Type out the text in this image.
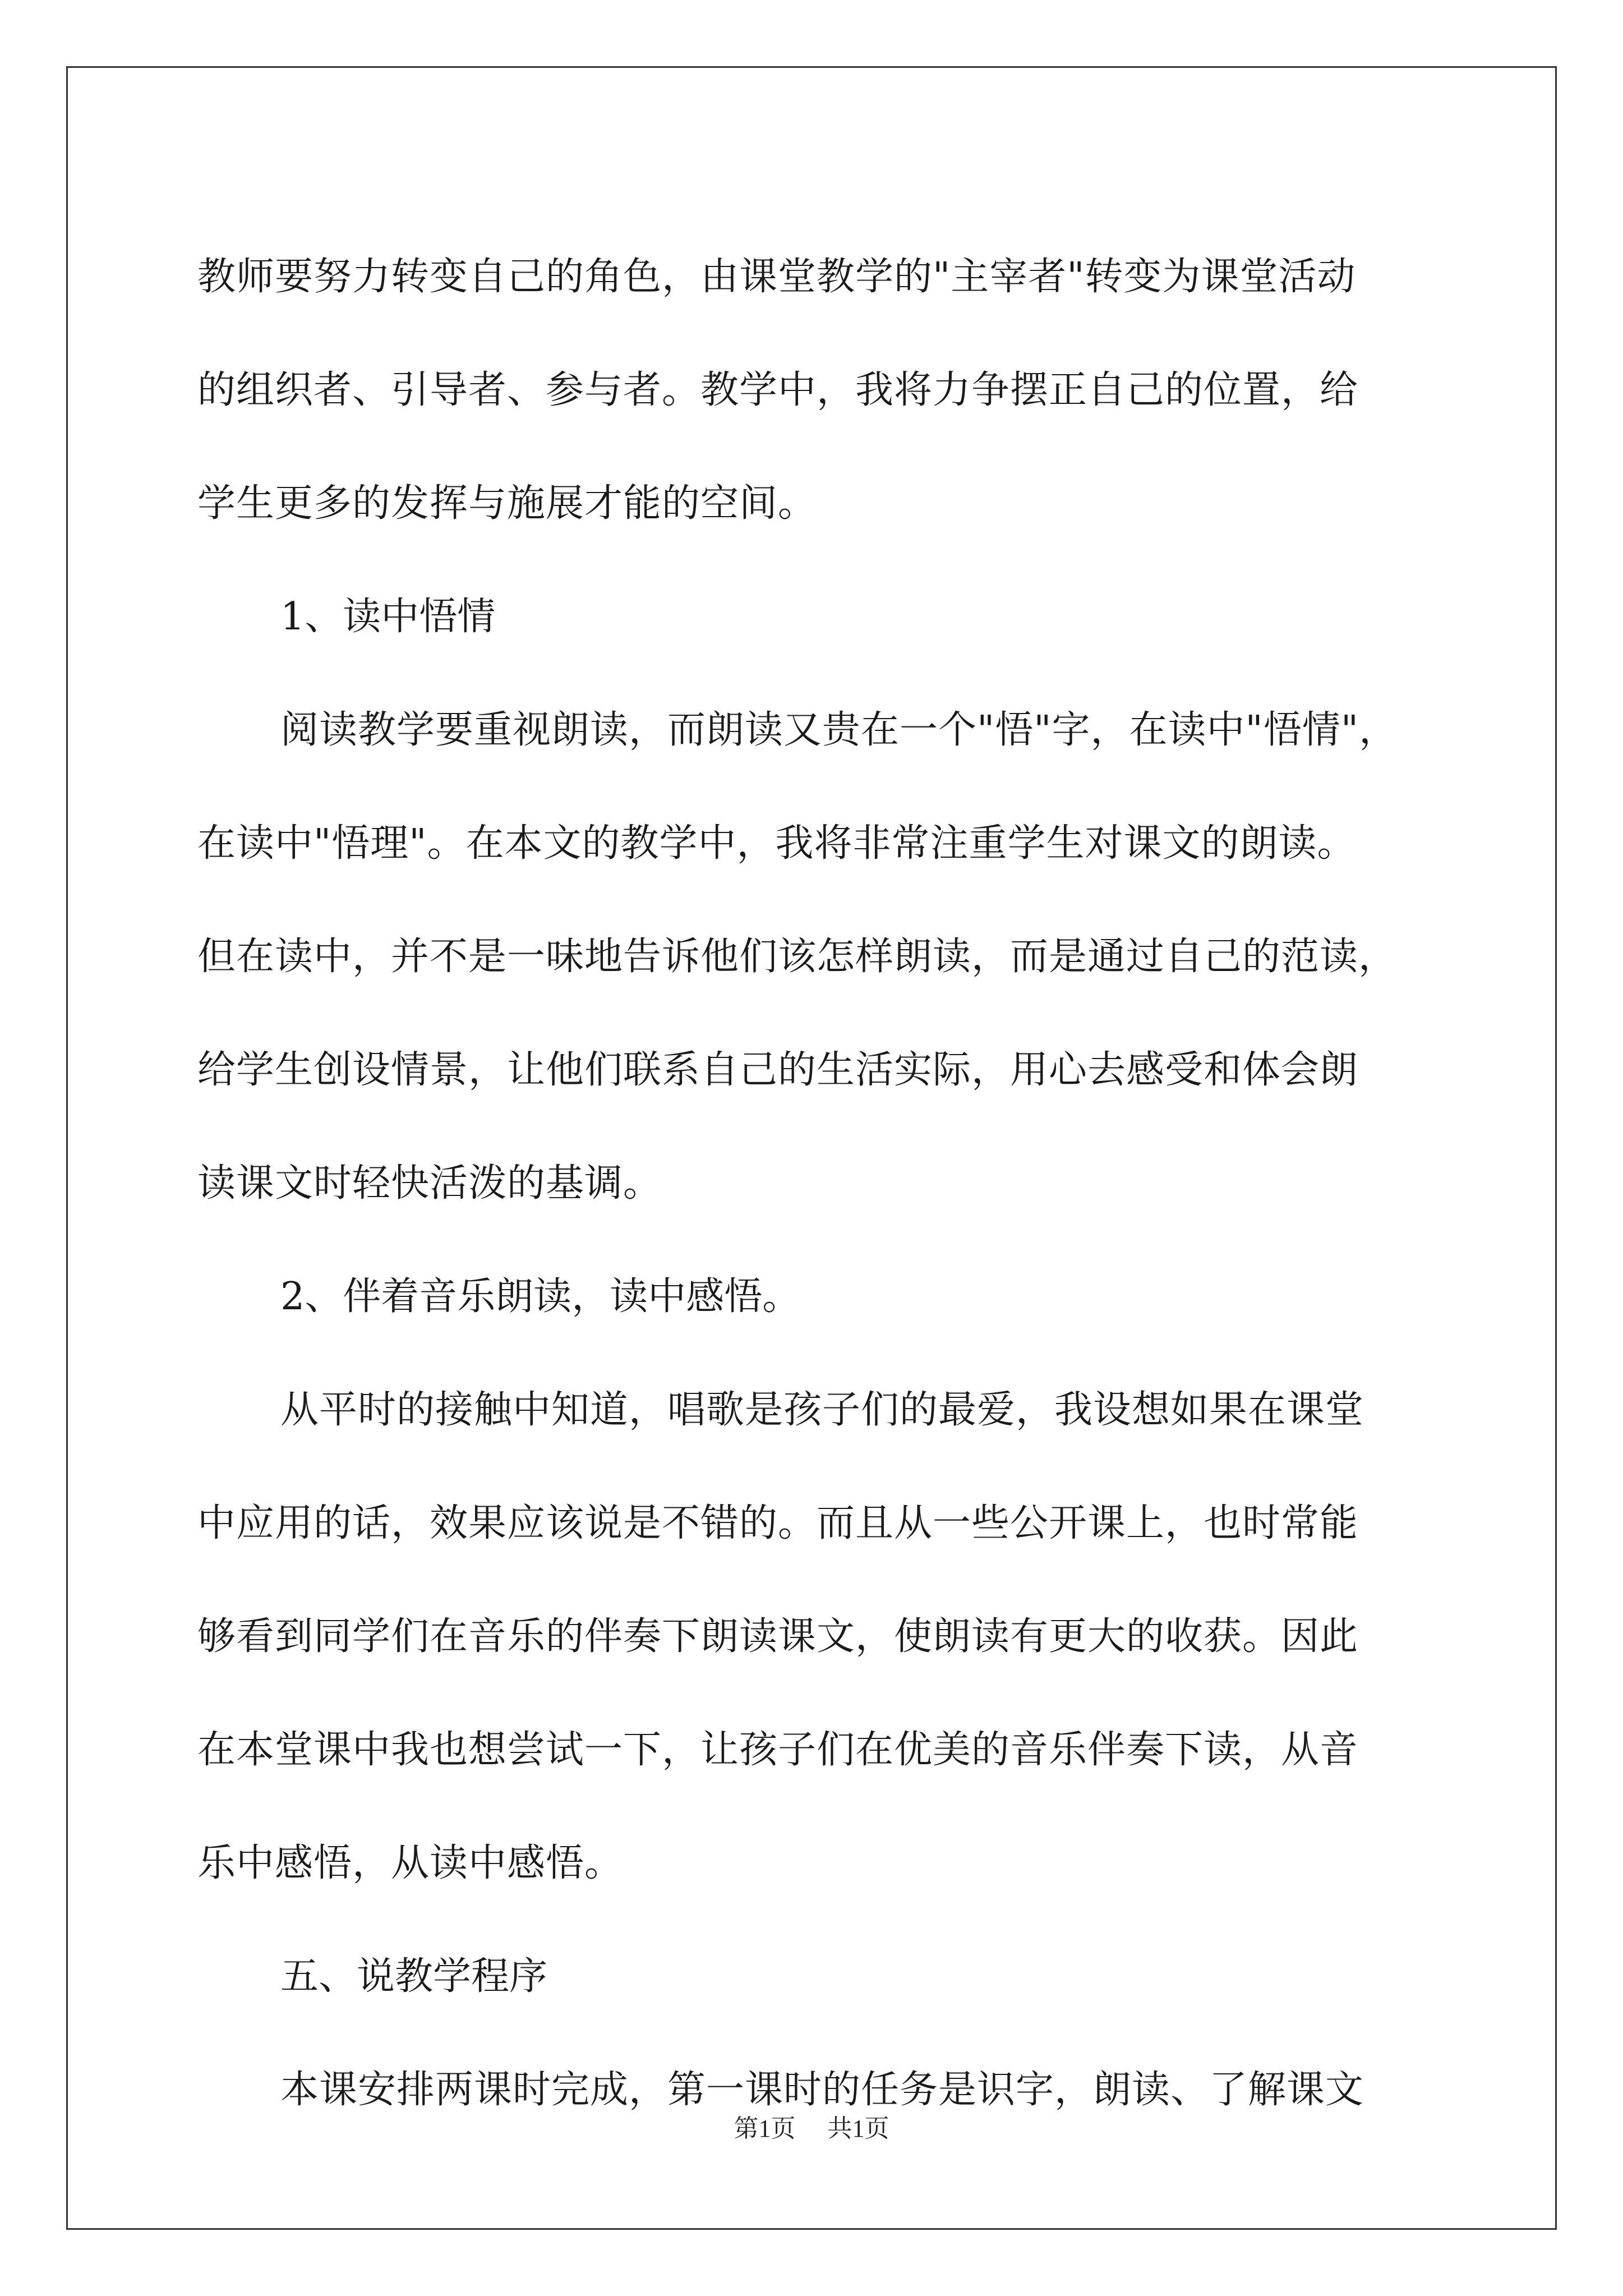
教师要努力转变自己的角色，由课堂教学的"主宰者"转变为课堂活动

的组织者、引导者、参与者。教学中，我将力争摆正自己的位置，给

学生更多的发挥与施展才能的空间。

1、读中悟情

阅读教学要重视朗读，而朗读又贵在一个"悟"字，在读中"悟情"，

在读中"悟理"。在本文的教学中，我将非常注重学生对课文的朗读。

但在读中，并不是一味地告诉他们该怎样朗读，而是通过自己的范读，

给学生创设情景，让他们联系自己的生活实际，用心去感受和体会朗

读课文时轻快活泼的基调。

2、伴着音乐朗读，读中感悟。

从平时的接触中知道，唱歌是孩子们的最爱，我设想如果在课堂

中应用的话，效果应该说是不错的。而且从一些公开课上，也时常能

够看到同学们在音乐的伴奏下朗读课文，使朗读有更大的收获。因此

在本堂课中我也想尝试一下，让孩子们在优美的音乐伴奏下读，从音

乐中感悟，从读中感悟。

五、说教学程序

本课安排两课时完成，第一课时的任务是识字，朗读、了解课文

第1页 共1页
